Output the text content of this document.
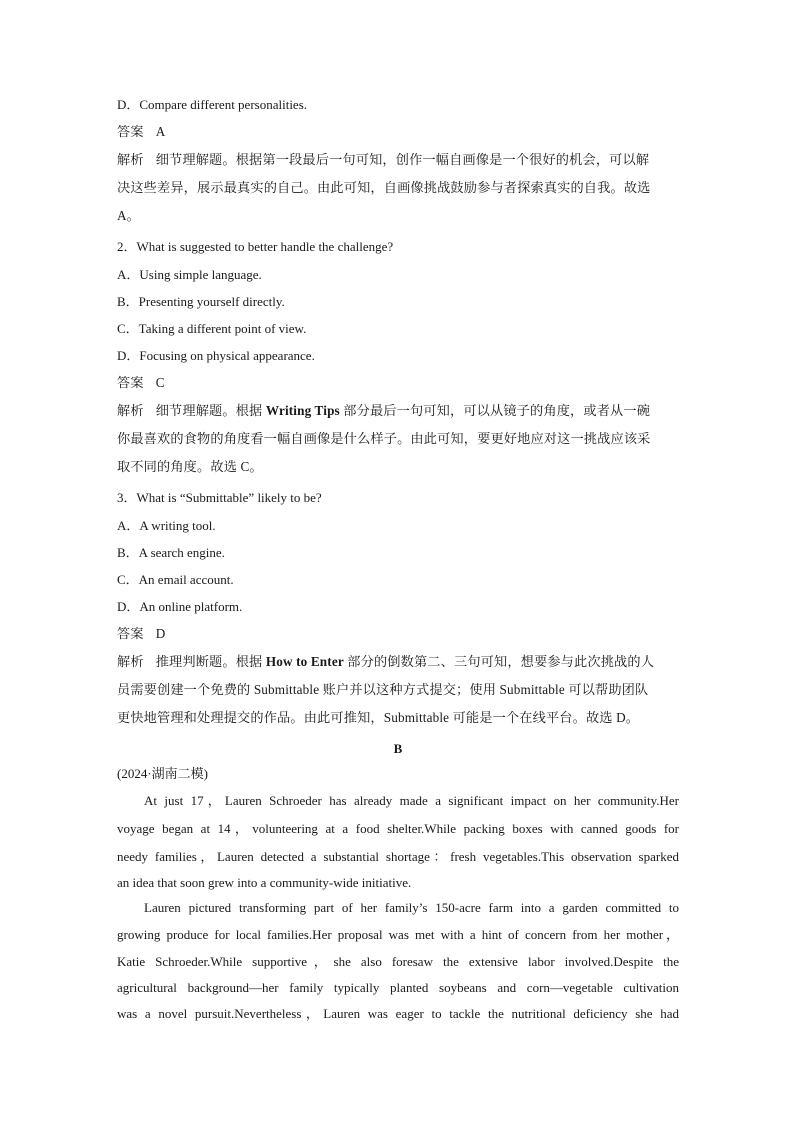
D．Compare different personalities.
答案 A
解析 细节理解题。根据第一段最后一句可知，创作一幅自画像是一个很好的机会，可以解
决这些差异，展示最真实的自己。由此可知，自画像挑战鼓励参与者探索真实的自我。故选
A。
2．What is suggested to better handle the challenge?
A．Using simple language.
B．Presenting yourself directly.
C．Taking a different point of view.
D．Focusing on physical appearance.
答案 C
解析 细节理解题。根据 Writing Tips 部分最后一句可知，可以从镜子的角度，或者从一碗
你最喜欢的食物的角度看一幅自画像是什么样子。由此可知，要更好地应对这一挑战应该采
取不同的角度。故选 C。
3．What is “Submittable” likely to be?
A．A writing tool.
B．A search engine.
C．An email account.
D．An online platform.
答案 D
解析 推理判断题。根据 How to Enter 部分的倒数第二、三句可知，想要参与此次挑战的人
员需要创建一个免费的 Submittable 账户并以这种方式提交；使用 Submittable 可以帮助团队
更快地管理和处理提交的作品。由此可推知，Submittable 可能是一个在线平台。故选 D。
B
(2024·湖南二模)
At just 17，Lauren Schroeder has already made a significant impact on her community.Her
voyage began at 14，volunteering at a food shelter.While packing boxes with canned goods for
needy families，Lauren detected a substantial shortage：fresh vegetables.This observation sparked
an idea that soon grew into a community-wide initiative.
Lauren pictured transforming part of her family’s 150-acre farm into a garden committed to
growing produce for local families.Her proposal was met with a hint of concern from her mother，
Katie Schroeder.While supportive，she also foresaw the extensive labor involved.Despite the
agricultural background—her family typically planted soybeans and corn—vegetable cultivation
was a novel pursuit.Nevertheless，Lauren was eager to tackle the nutritional deficiency she had
